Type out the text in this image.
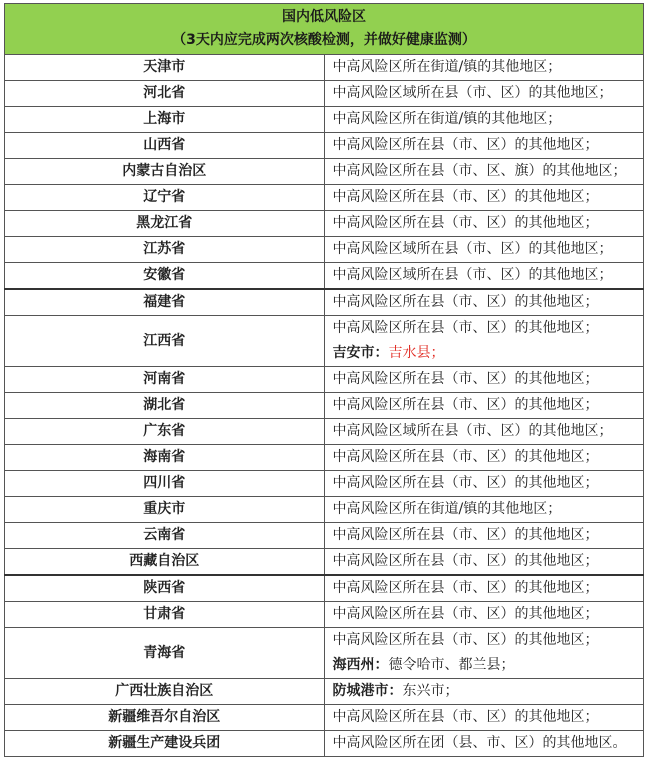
国内低风险区
（3天内应完成两次核酸检测，并做好健康监测）	

天津市	中高风险区所在街道/镇的其他地区；

河北省	中高风险区域所在县（市、区）的其他地区；

上海市	中高风险区所在街道/镇的其他地区；

山西省	中高风险区所在县（市、区）的其他地区；

内蒙古自治区	中高风险区所在县（市、区、旗）的其他地区；

辽宁省	中高风险区所在县（市、区）的其他地区；

黑龙江省	中高风险区所在县（市、区）的其他地区；

江苏省	中高风险区域所在县（市、区）的其他地区；

安徽省	中高风险区域所在县（市、区）的其他地区；

福建省	中高风险区所在县（市、区）的其他地区；

江西省	中高风险区所在县（市、区）的其他地区；
吉安市：吉水县；

河南省	中高风险区所在县（市、区）的其他地区；

湖北省	中高风险区所在县（市、区）的其他地区；

广东省	中高风险区域所在县（市、区）的其他地区；

海南省	中高风险区所在县（市、区）的其他地区；

四川省	中高风险区所在县（市、区）的其他地区；

重庆市	中高风险区所在街道/镇的其他地区；

云南省	中高风险区所在县（市、区）的其他地区；

西藏自治区	中高风险区所在县（市、区）的其他地区；

陕西省	中高风险区所在县（市、区）的其他地区；

甘肃省	中高风险区所在县（市、区）的其他地区；

青海省	中高风险区所在县（市、区）的其他地区；
海西州：德令哈市、都兰县；

广西壮族自治区	防城港市：东兴市；
新疆维吾尔自治区	中高风险区所在县（市、区）的其他地区；

新疆生产建设兵团	中高风险区所在团（县、市、区）的其他地区。
